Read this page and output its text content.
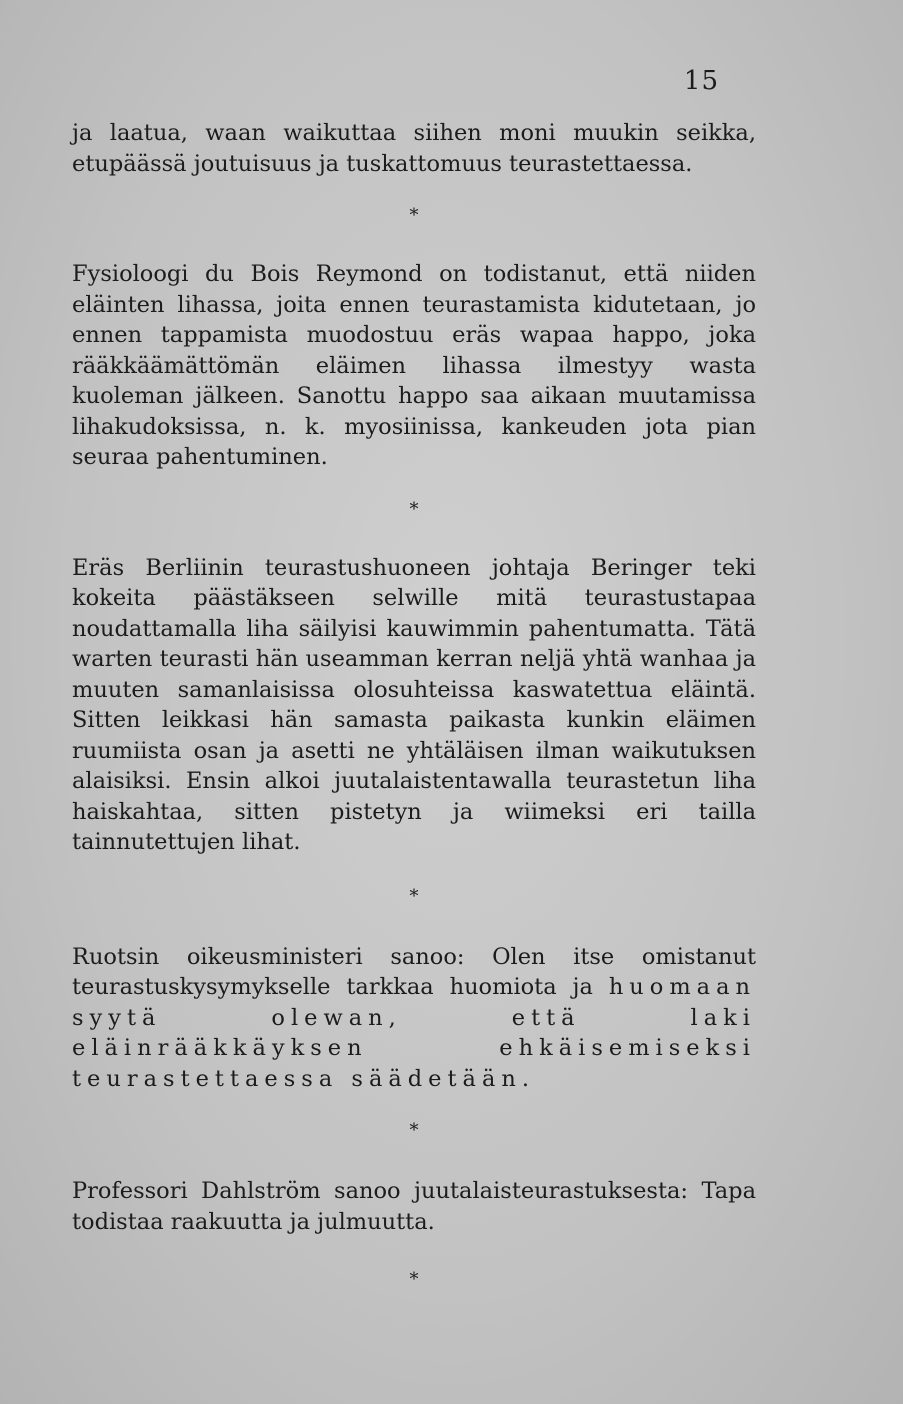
15

ja laatua, waan waikuttaa siihen moni muukin seikka, etupäässä joutuisuus ja tuskattomuus teurastettaessa.

*

Fysioloogi du Bois Reymond on todistanut, että niiden eläinten lihassa, joita ennen teurastamista kidutetaan, jo ennen tappamista muodostuu eräs wapaa happo, joka rääkkäämättömän eläimen lihassa ilmestyy wasta kuoleman jälkeen. Sanottu happo saa aikaan muutamissa lihakudoksissa, n. k. myosiinissa, kankeuden jota pian seuraa pahentuminen.

*

Eräs Berliinin teurastushuoneen johtaja Beringer teki kokeita päästäkseen selwille mitä teurastustapaa noudattamalla liha säilyisi kauwimmin pahentumatta. Tätä warten teurasti hän useamman kerran neljä yhtä wanhaa ja muuten samanlaisissa olosuhteissa kaswatettua eläintä. Sitten leikkasi hän samasta paikasta kunkin eläimen ruumiista osan ja asetti ne yhtäläisen ilman waikutuksen alaisiksi. Ensin alkoi juutalaistentawalla teurastetun liha haiskahtaa, sitten pistetyn ja wiimeksi eri tailla tainnutettujen lihat.

*

Ruotsin oikeusministeri sanoo: Olen itse omistanut teurastuskysymykselle tarkkaa huomiota ja huomaan syytä olewan, että laki eläinrääkkäyksen ehkäisemiseksi teurastettaessa säädetään.

*

Professori Dahlström sanoo juutalaisteurastuksesta: Tapa todistaa raakuutta ja julmuutta.

*
